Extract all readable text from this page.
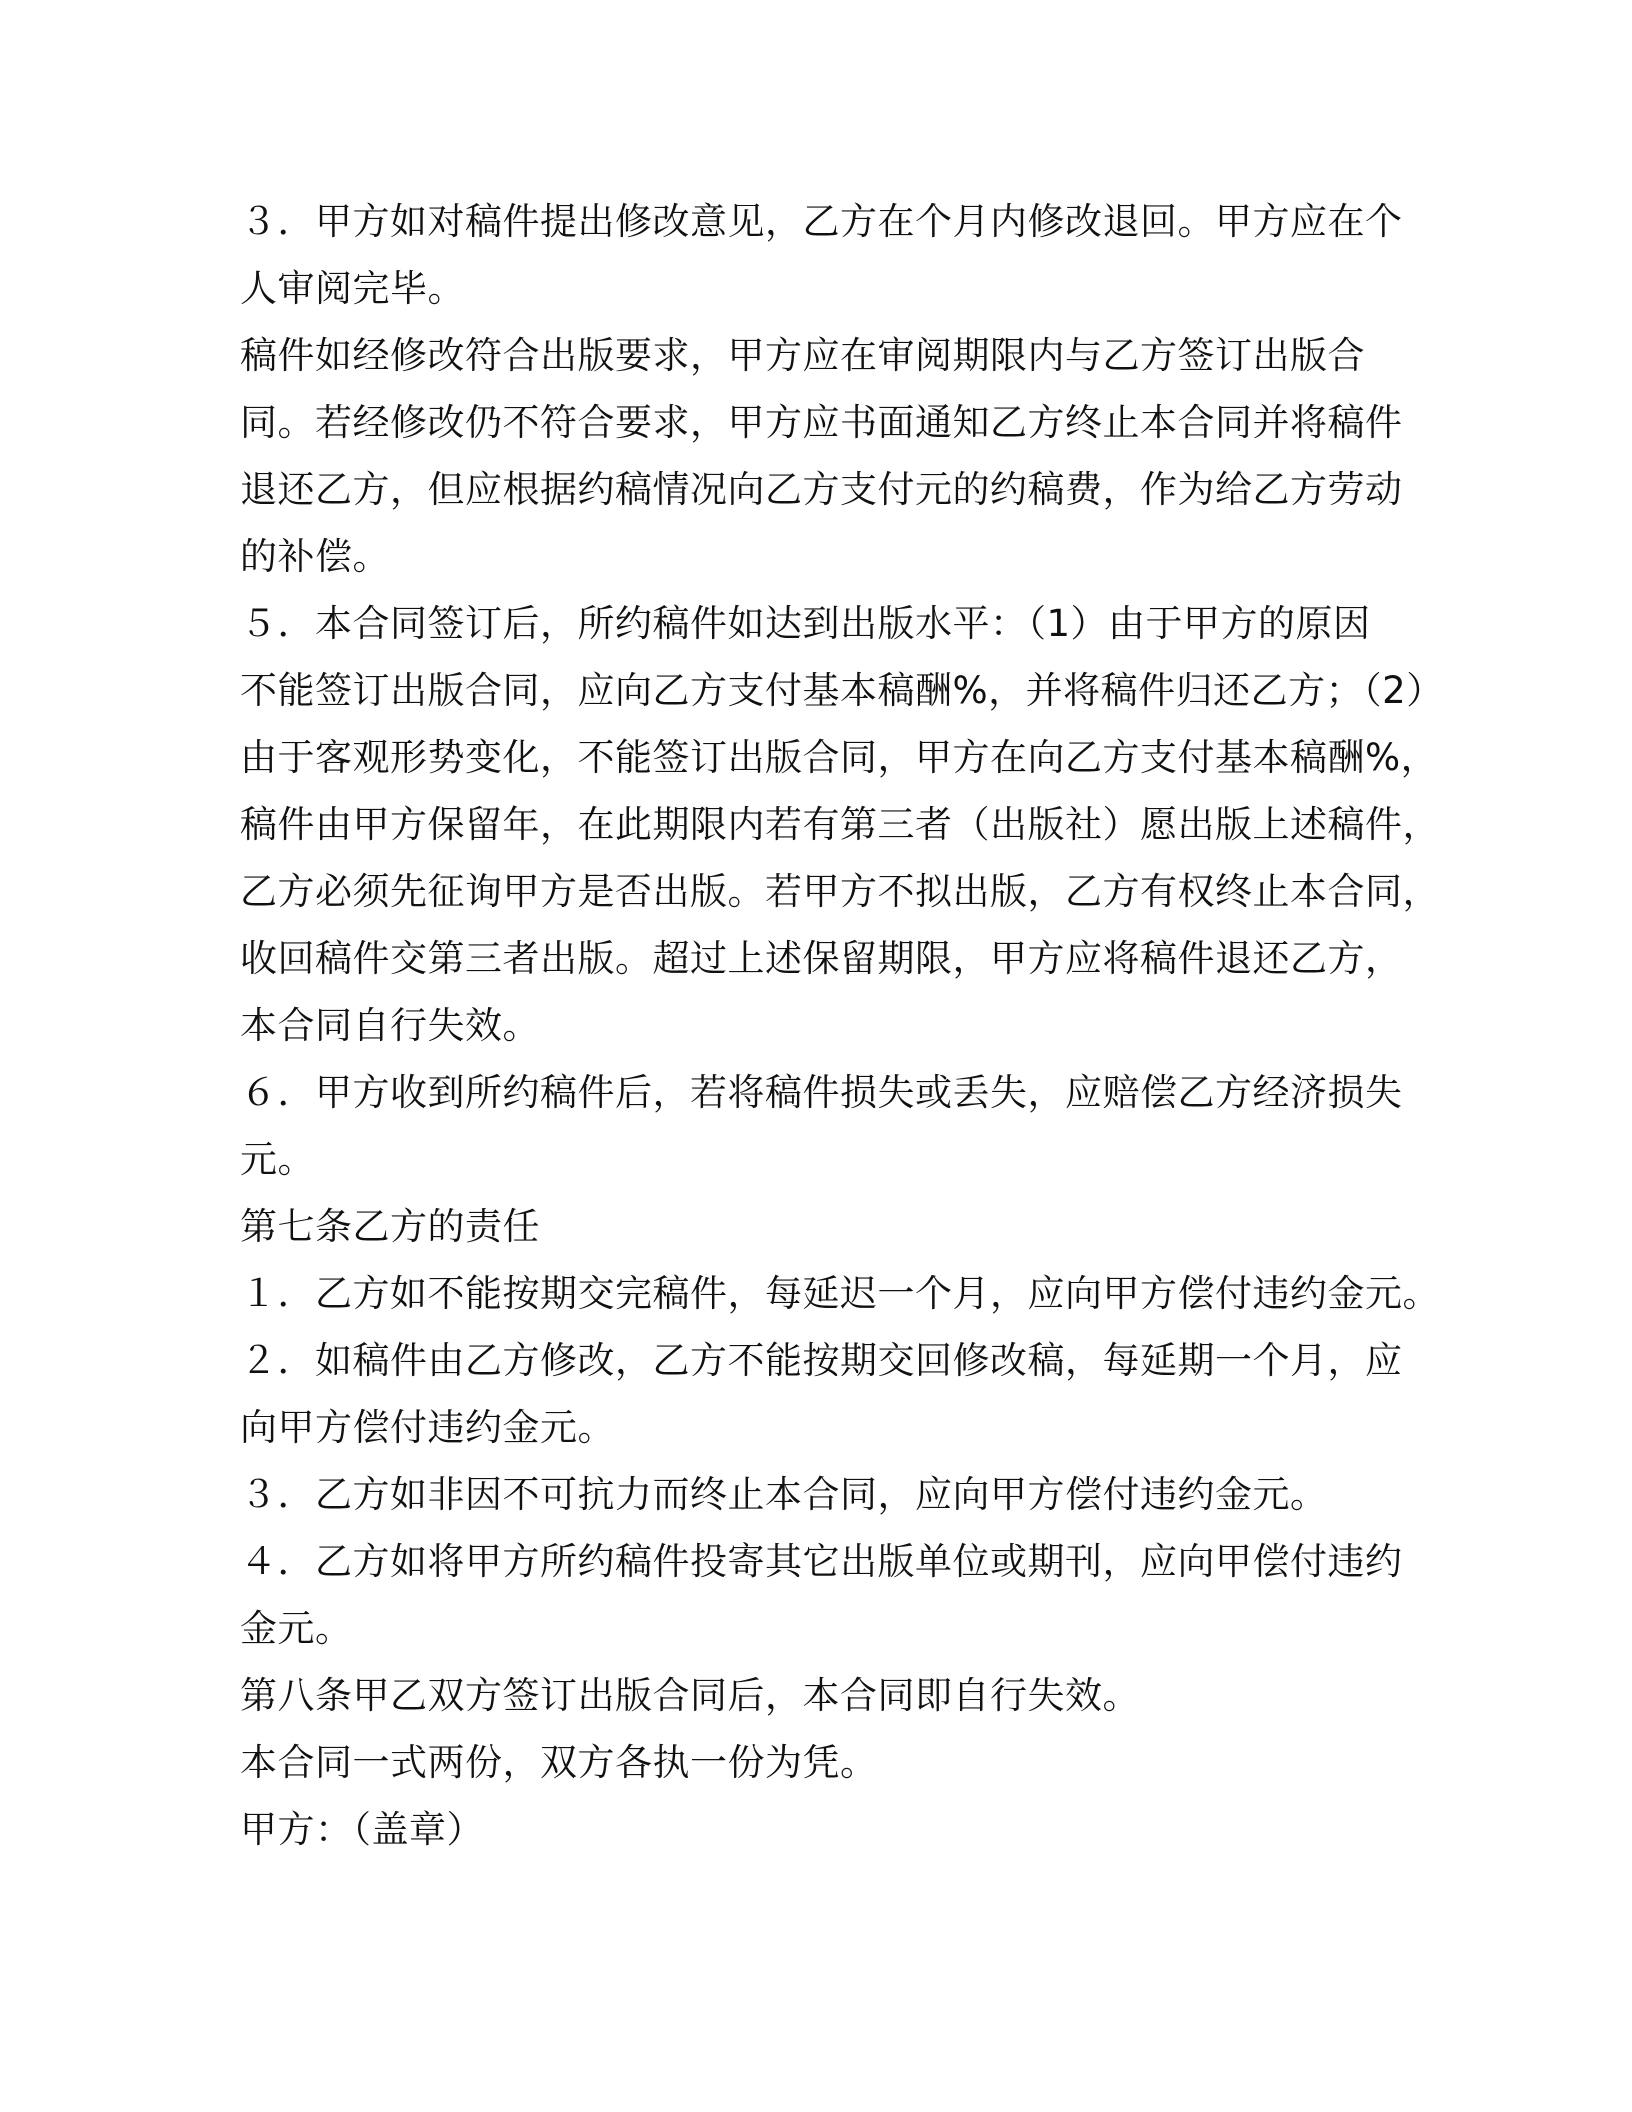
３．甲方如对稿件提出修改意见，乙方在个月内修改退回。甲方应在个
人审阅完毕。
稿件如经修改符合出版要求，甲方应在审阅期限内与乙方签订出版合
同。若经修改仍不符合要求，甲方应书面通知乙方终止本合同并将稿件
退还乙方，但应根据约稿情况向乙方支付元的约稿费，作为给乙方劳动
的补偿。
５．本合同签订后，所约稿件如达到出版水平：（1）由于甲方的原因
不能签订出版合同，应向乙方支付基本稿酬%，并将稿件归还乙方；（2）
由于客观形势变化，不能签订出版合同，甲方在向乙方支付基本稿酬%，
稿件由甲方保留年，在此期限内若有第三者（出版社）愿出版上述稿件，
乙方必须先征询甲方是否出版。若甲方不拟出版，乙方有权终止本合同，
收回稿件交第三者出版。超过上述保留期限，甲方应将稿件退还乙方，
本合同自行失效。
６．甲方收到所约稿件后，若将稿件损失或丢失，应赔偿乙方经济损失
元。
第七条乙方的责任
１．乙方如不能按期交完稿件，每延迟一个月，应向甲方偿付违约金元。
２．如稿件由乙方修改，乙方不能按期交回修改稿，每延期一个月，应
向甲方偿付违约金元。
３．乙方如非因不可抗力而终止本合同，应向甲方偿付违约金元。
４．乙方如将甲方所约稿件投寄其它出版单位或期刊，应向甲偿付违约
金元。
第八条甲乙双方签订出版合同后，本合同即自行失效。
本合同一式两份，双方各执一份为凭。
甲方：（盖章）
